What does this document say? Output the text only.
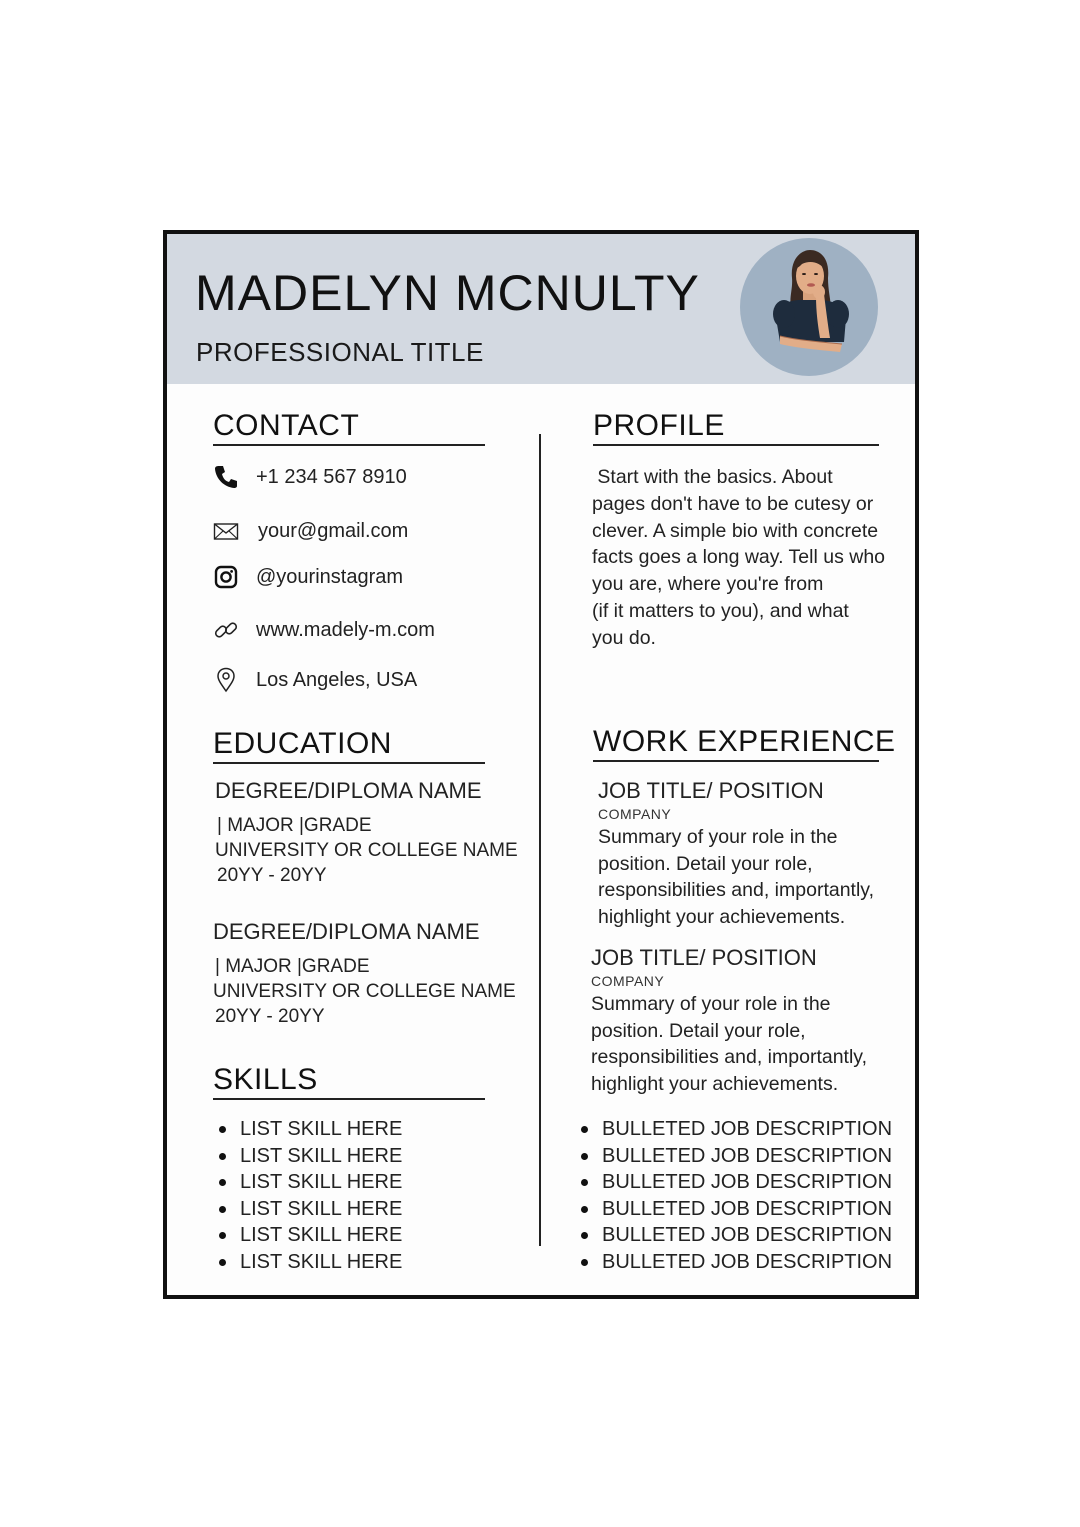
MADELYN MCNULTY
PROFESSIONAL TITLE
CONTACT
+1 234 567 8910
your@gmail.com
@yourinstagram
www.madely-m.com
Los Angeles, USA
EDUCATION
DEGREE/DIPLOMA NAME
| MAJOR |GRADE
UNIVERSITY OR COLLEGE NAME
20YY - 20YY
DEGREE/DIPLOMA NAME
| MAJOR |GRADE
UNIVERSITY OR COLLEGE NAME
20YY - 20YY
SKILLS
LIST SKILL HERE
LIST SKILL HERE
LIST SKILL HERE
LIST SKILL HERE
LIST SKILL HERE
LIST SKILL HERE
PROFILE
Start with the basics. About
pages don't have to be cutesy or
clever. A simple bio with concrete
facts goes a long way. Tell us who
you are, where you're from
(if it matters to you), and what
you do.
WORK EXPERIENCE
JOB TITLE/ POSITION
COMPANY
Summary of your role in the
position. Detail your role,
responsibilities and, importantly,
highlight your achievements.
JOB TITLE/ POSITION
COMPANY
Summary of your role in the
position. Detail your role,
responsibilities and, importantly,
highlight your achievements.
BULLETED JOB DESCRIPTION
BULLETED JOB DESCRIPTION
BULLETED JOB DESCRIPTION
BULLETED JOB DESCRIPTION
BULLETED JOB DESCRIPTION
BULLETED JOB DESCRIPTION
